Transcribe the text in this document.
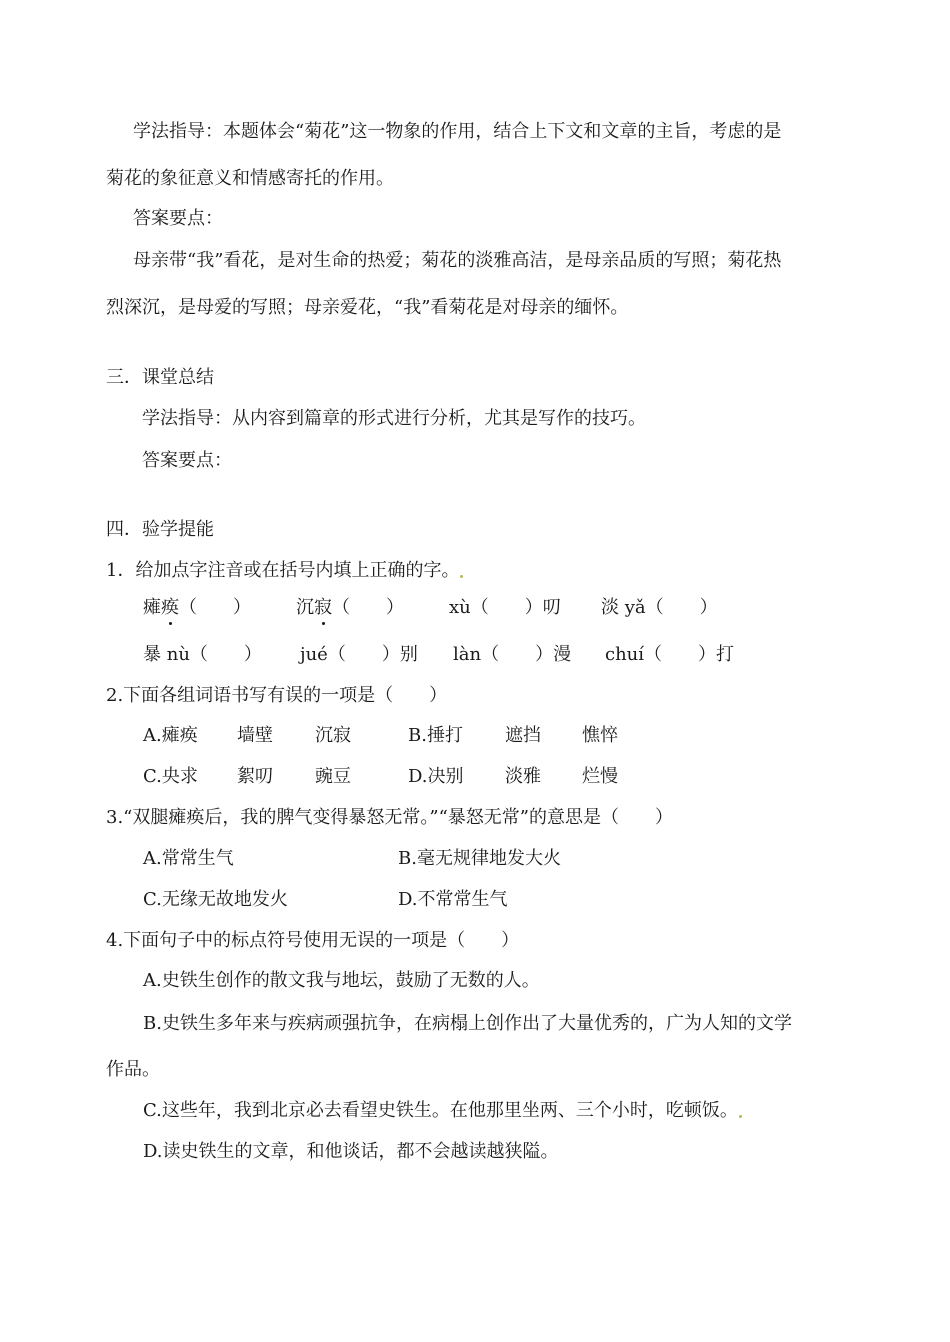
学法指导：本题体会“菊花”这一物象的作用，结合上下文和文章的主旨，考虑的是
菊花的象征意义和情感寄托的作用。
答案要点：
母亲带“我”看花，是对生命的热爱；菊花的淡雅高洁，是母亲品质的写照；菊花热
烈深沉，是母爱的写照；母亲爱花，“我”看菊花是对母亲的缅怀。
三．课堂总结
学法指导：从内容到篇章的形式进行分析，尤其是写作的技巧。
答案要点：
四．验学提能
1．给加点字注音或在括号内填上正确的字。
瘫痪（　　）	沉寂（　　）	xù（　　）叨 淡 yǎ（　　）
暴 nù（　　） jué（　　）别 làn（　　）漫 chuí（　　）打
2.下面各组词语书写有误的一项是（　　）
A.瘫痪 墙壁 沉寂	B.捶打 遮挡 憔悴
C.央求 絮叨 豌豆	D.决别 淡雅 烂慢
3.“双腿瘫痪后，我的脾气变得暴怒无常。”“暴怒无常”的意思是（　　）
A.常常生气	B.毫无规律地发大火
C.无缘无故地发火	D.不常常生气
4.下面句子中的标点符号使用无误的一项是（　　）
A.史铁生创作的散文我与地坛，鼓励了无数的人。
B.史铁生多年来与疾病顽强抗争，在病榻上创作出了大量优秀的，广为人知的文学
作品。
C.这些年，我到北京必去看望史铁生。在他那里坐两、三个小时，吃顿饭。
D.读史铁生的文章，和他谈话，都不会越读越狭隘。
